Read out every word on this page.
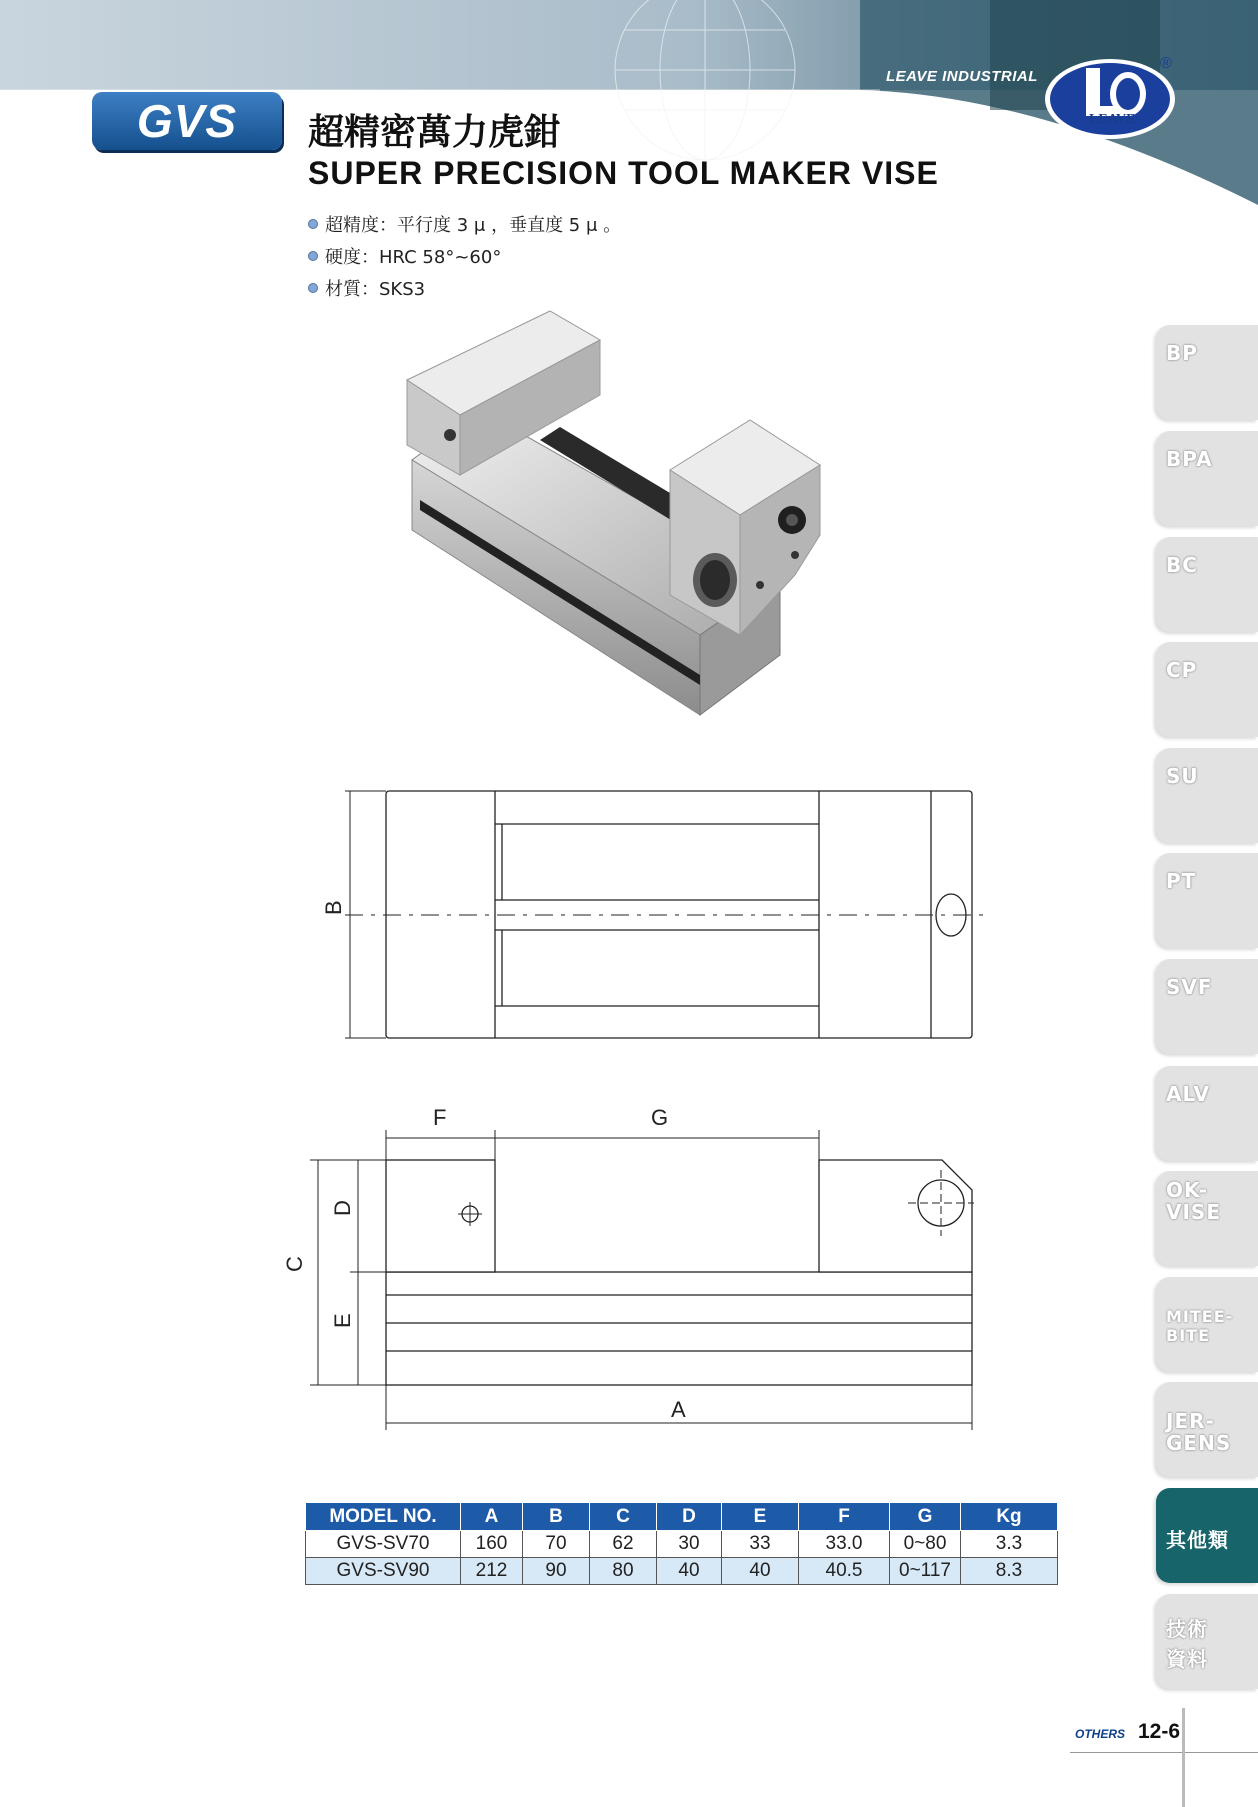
LEAVE INDUSTRIAL
LEAVE
®
GVS	超精密萬力虎鉗
SUPER PRECISION TOOL MAKER VISE
超精度：平行度 3 μ ，垂直度 5 μ 。
硬度：HRC 58°~60°
材質：SKS3
B
F	G
C
D
E
A
MODEL NO.	A	B	C	D	E	F	G	Kg
GVS-SV70	160	70	62	30	33	33.0	0~80	3.3
GVS-SV90	212	90	80	40	40	40.5	0~117	8.3
BP
BPA
BC
CP
SU
PT
SVF
ALV
OK-
VISE
MITEE-
BITE
JER-
GENS
其他類
技術
資料
OTHERS 12-6
